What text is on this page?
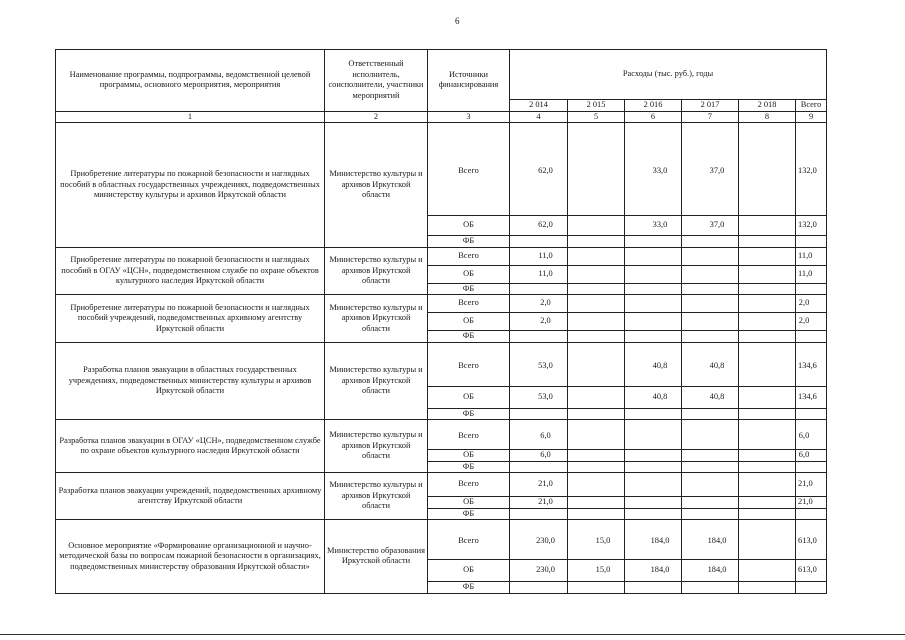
6
Наименование программы, подпрограммы, ведомственной целевой программы, основного мероприятия, мероприятия	Ответственный исполнитель, соисполнители, участники мероприятий	Источники финансирования	Расходы (тыс. руб.), годы					
			2 014	2 015	2 016	2 017	2 018	Всего
1	2	3	4	5	6	7	8	9
Приобретение литературы по пожарной безопасности и наглядных пособий в областных государственных учреждениях, подведомственных министерству культуры и архивов Иркутской области	Министерство культуры и архивов Иркутской области	Всего	62,0		33,0	37,0		132,0
		ОБ	62,0		33,0	37,0		132,0
		ФБ						
Приобретение литературы по пожарной безопасности и наглядных пособий в ОГАУ «ЦСН», подведомственном службе по охране объектов культурного наследия Иркутской области	Министерство культуры и архивов Иркутской области	Всего	11,0					11,0
		ОБ	11,0					11,0
		ФБ						
Приобретение литературы по пожарной безопасности и наглядных пособий учреждений, подведомственных архивному агентству Иркутской области	Министерство культуры и архивов Иркутской области	Всего	2,0					2,0
		ОБ	2,0					2,0
		ФБ						
Разработка планов эвакуации в областных государственных учреждениях, подведомственных министерству культуры и архивов Иркутской области	Министерство культуры и архивов Иркутской области	Всего	53,0		40,8	40,8		134,6
		ОБ	53,0		40,8	40,8		134,6
		ФБ						
Разработка планов эвакуации в ОГАУ «ЦСН», подведомственном службе по охране объектов культурного наследия Иркутской области	Министерство культуры и архивов Иркутской области	Всего	6,0					6,0
		ОБ	6,0					6,0
		ФБ						
Разработка планов эвакуации учреждений, подведомственных архивному агентству Иркутской области	Министерство культуры и архивов Иркутской области	Всего	21,0					21,0
		ОБ	21,0					21,0
		ФБ						
Основное мероприятие «Формирование организационной и научно-методической базы по вопросам пожарной безопасности в организациях, подведомственных министерству образования Иркутской области»	Министерство образования Иркутской области	Всего	230,0	15,0	184,0	184,0		613,0
		ОБ	230,0	15,0	184,0	184,0		613,0
		ФБ						
